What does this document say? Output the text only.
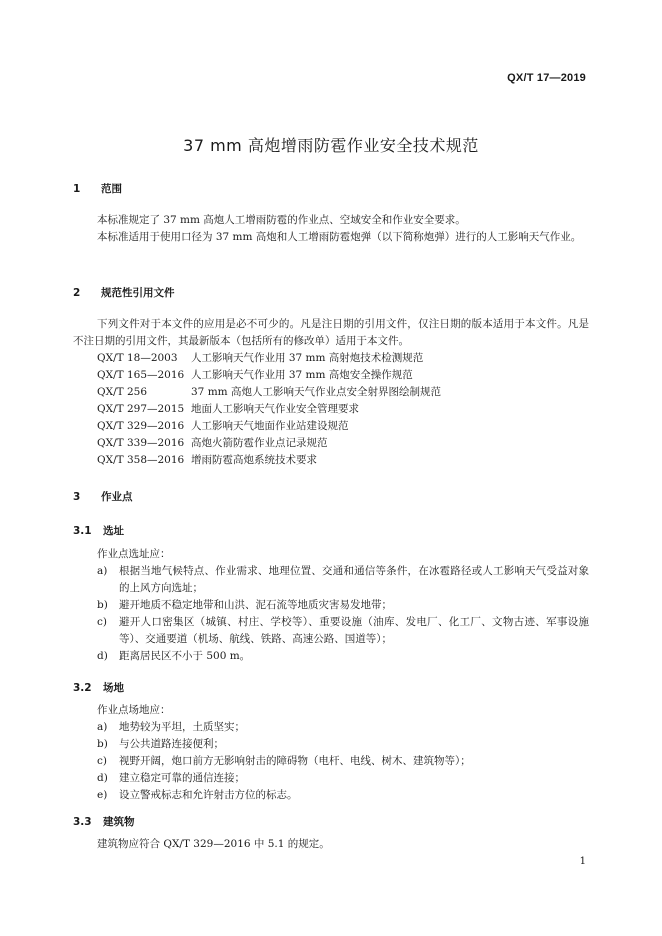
QX/T 17—2019
37 mm 高炮增雨防雹作业安全技术规范
1 范围
本标准规定了 37 mm 高炮人工增雨防雹的作业点、空域安全和作业安全要求。
本标准适用于使用口径为 37 mm 高炮和人工增雨防雹炮弹（以下简称炮弹）进行的人工影响天气作业。
2 规范性引用文件
下列文件对于本文件的应用是必不可少的。凡是注日期的引用文件，仅注日期的版本适用于本文件。凡是不注日期的引用文件，其最新版本（包括所有的修改单）适用于本文件。
QX/T 18—2003 人工影响天气作业用 37 mm 高射炮技术检测规范
QX/T 165—2016 人工影响天气作业用 37 mm 高炮安全操作规范
QX/T 256	37 mm 高炮人工影响天气作业点安全射界图绘制规范
QX/T 297—2015 地面人工影响天气作业安全管理要求
QX/T 329—2016 人工影响天气地面作业站建设规范
QX/T 339—2016 高炮火箭防雹作业点记录规范
QX/T 358—2016 增雨防雹高炮系统技术要求
3 作业点
3.1 选址
作业点选址应：
a)	根据当地气候特点、作业需求、地理位置、交通和通信等条件，在冰雹路径或人工影响天气受益对象的上风方向选址；
b)	避开地质不稳定地带和山洪、泥石流等地质灾害易发地带；
c)	避开人口密集区（城镇、村庄、学校等）、重要设施（油库、发电厂、化工厂、文物古迹、军事设施等）、交通要道（机场、航线、铁路、高速公路、国道等）；
d)	距离居民区不小于 500 m。
3.2 场地
作业点场地应：
a)	地势较为平坦，土质坚实；
b)	与公共道路连接便利；
c)	视野开阔，炮口前方无影响射击的障碍物（电杆、电线、树木、建筑物等）；
d)	建立稳定可靠的通信连接；
e)	设立警戒标志和允许射击方位的标志。
3.3 建筑物
建筑物应符合 QX/T 329—2016 中 5.1 的规定。
1
